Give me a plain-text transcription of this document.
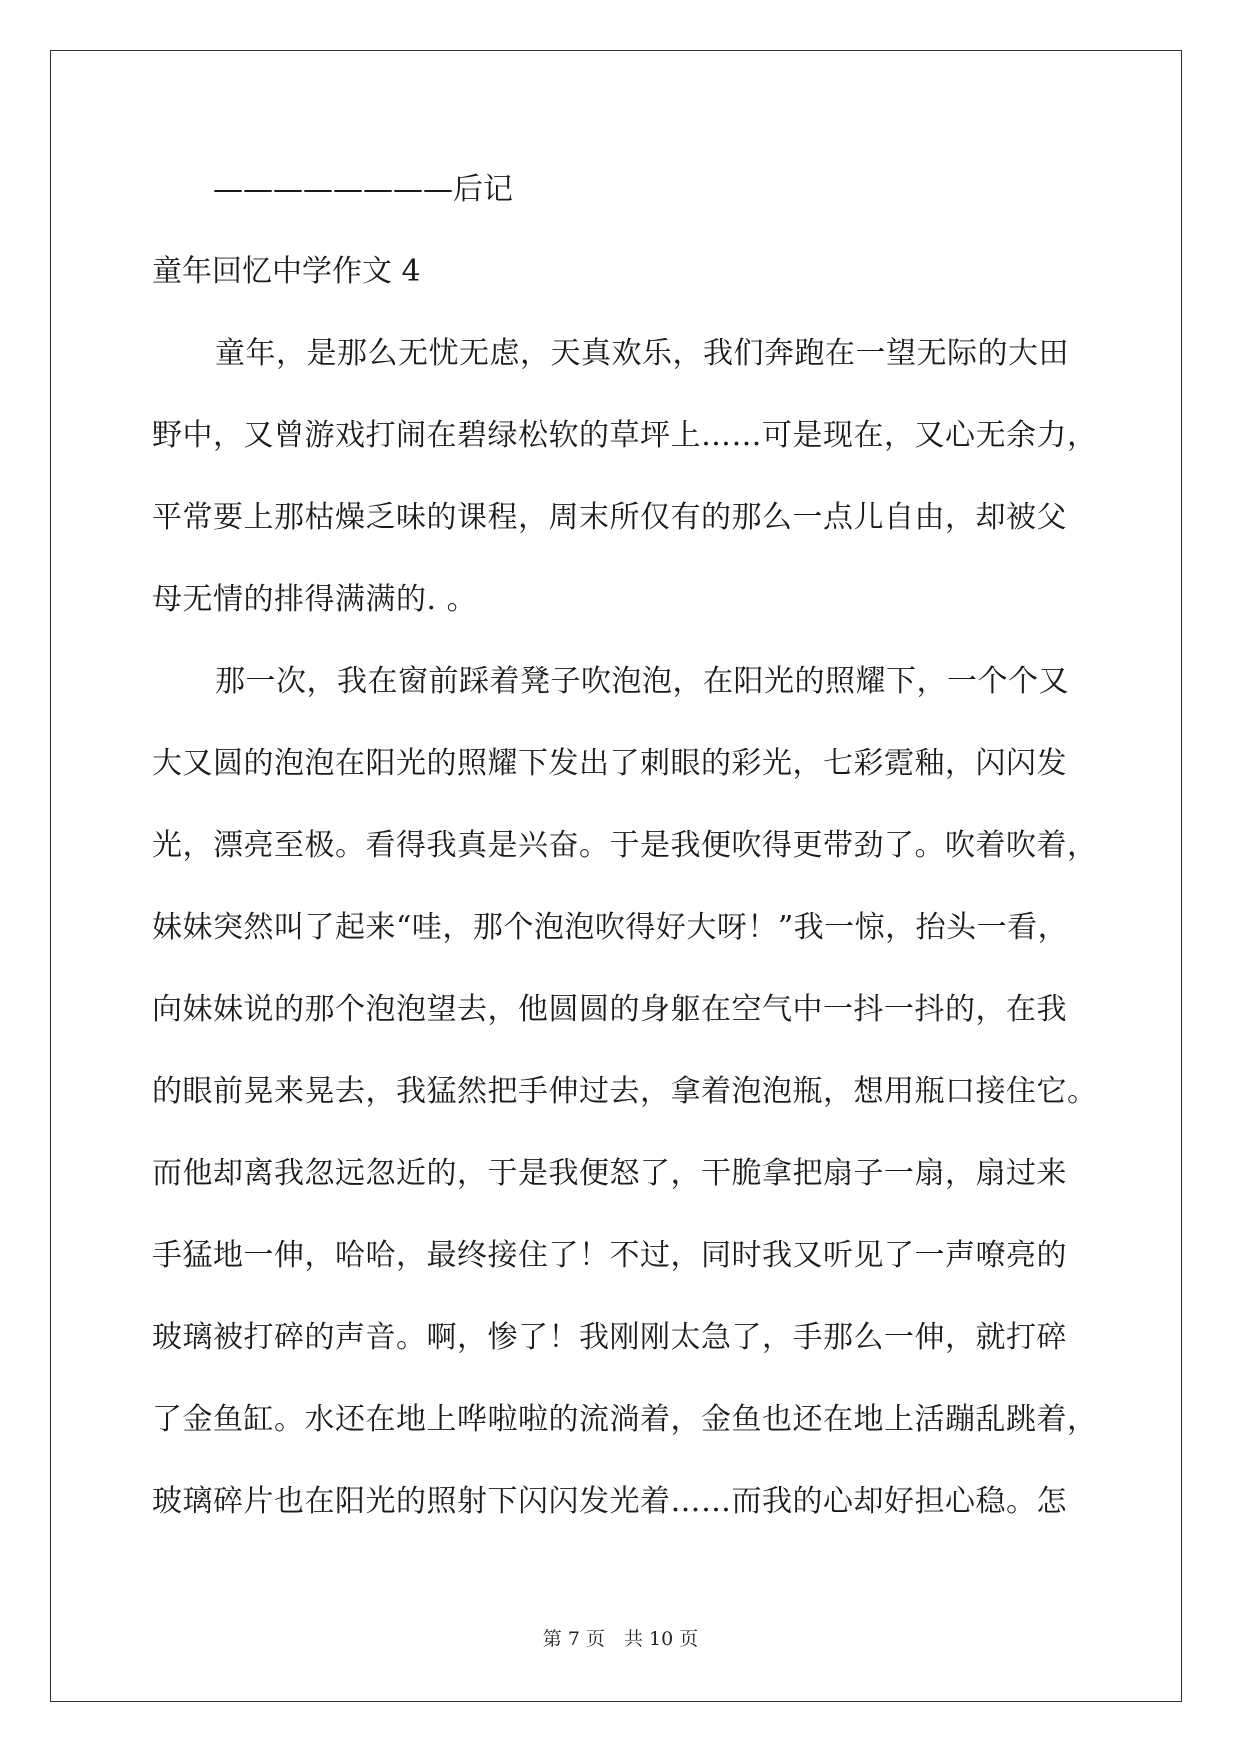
————————后记
童年回忆中学作文 4
童年，是那么无忧无虑，天真欢乐，我们奔跑在一望无际的大田
野中，又曾游戏打闹在碧绿松软的草坪上……可是现在，又心无余力，
平常要上那枯燥乏味的课程，周末所仅有的那么一点儿自由，却被父
母无情的排得满满的. 。
那一次，我在窗前踩着凳子吹泡泡，在阳光的照耀下，一个个又
大又圆的泡泡在阳光的照耀下发出了刺眼的彩光，七彩霓釉，闪闪发
光，漂亮至极。看得我真是兴奋。于是我便吹得更带劲了。吹着吹着，
妹妹突然叫了起来“哇，那个泡泡吹得好大呀！”我一惊，抬头一看，
向妹妹说的那个泡泡望去，他圆圆的身躯在空气中一抖一抖的，在我
的眼前晃来晃去，我猛然把手伸过去，拿着泡泡瓶，想用瓶口接住它。
而他却离我忽远忽近的，于是我便怒了，干脆拿把扇子一扇，扇过来
手猛地一伸，哈哈，最终接住了！不过，同时我又听见了一声嘹亮的
玻璃被打碎的声音。啊，惨了！我刚刚太急了，手那么一伸，就打碎
了金鱼缸。水还在地上哗啦啦的流淌着，金鱼也还在地上活蹦乱跳着，
玻璃碎片也在阳光的照射下闪闪发光着……而我的心却好担心稳。怎
第 7 页　共 10 页
